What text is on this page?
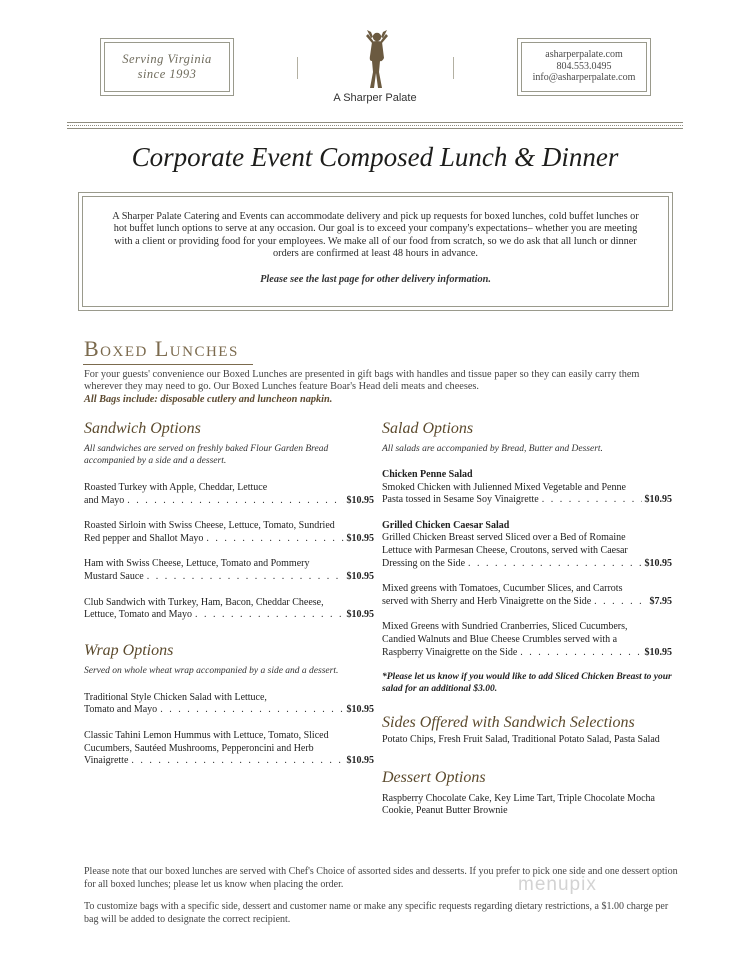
Serving Virginia
since 1993
A Sharper Palate
asharperpalate.com
804.553.0495
info@asharperpalate.com
Corporate Event Composed Lunch & Dinner
A Sharper Palate Catering and Events can accommodate delivery and pick up requests for boxed lunches, cold buffet lunches or hot buffet lunch options to serve at any occasion. Our goal is to exceed your company's expectations– whether you are meeting with a client or providing food for your employees. We make all of our food from scratch, so we do ask that all lunch or dinner orders are confirmed at least 48 hours in advance.
Please see the last page for other delivery information.
Boxed Lunches
For your guests' convenience our Boxed Lunches are presented in gift bags with handles and tissue paper so they can easily carry them wherever they may need to go. Our Boxed Lunches feature Boar's Head deli meats and cheeses.
All Bags include: disposable cutlery and luncheon napkin.
Sandwich Options
All sandwiches are served on freshly baked Flour Garden Bread accompanied by a side and a dessert.
Roasted Turkey with Apple, Cheddar, Lettuce
and Mayo . . .	$10.95
Roasted Sirloin with Swiss Cheese, Lettuce, Tomato, Sundried
Red pepper and Shallot Mayo . . .	$10.95
Ham with Swiss Cheese, Lettuce, Tomato and Pommery
Mustard Sauce . . .	$10.95
Club Sandwich with Turkey, Ham, Bacon, Cheddar Cheese,
Lettuce, Tomato and Mayo . . .	$10.95
Wrap Options
Served on whole wheat wrap accompanied by a side and a dessert.
Traditional Style Chicken Salad with Lettuce,
Tomato and Mayo . . .	$10.95
Classic Tahini Lemon Hummus with Lettuce, Tomato, Sliced
Cucumbers, Sautéed Mushrooms, Pepperoncini and Herb
Vinaigrette . . .	$10.95
Salad Options
All salads are accompanied by Bread, Butter and Dessert.
Chicken Penne Salad
Smoked Chicken with Julienned Mixed Vegetable and Penne
Pasta tossed in Sesame Soy Vinaigrette . . .	$10.95
Grilled Chicken Caesar Salad
Grilled Chicken Breast served Sliced over a Bed of Romaine
Lettuce with Parmesan Cheese, Croutons, served with Caesar
Dressing on the Side . . .	$10.95
Mixed greens with Tomatoes, Cucumber Slices, and Carrots
served with Sherry and Herb Vinaigrette on the Side . . .	$7.95
Mixed Greens with Sundried Cranberries, Sliced Cucumbers,
Candied Walnuts and Blue Cheese Crumbles served with a
Raspberry Vinaigrette on the Side . . .	$10.95
*Please let us know if you would like to add Sliced Chicken Breast to your salad for an additional $3.00.
Sides Offered with Sandwich Selections
Potato Chips, Fresh Fruit Salad, Traditional Potato Salad, Pasta Salad
Dessert Options
Raspberry Chocolate Cake, Key Lime Tart, Triple Chocolate Mocha Cookie, Peanut Butter Brownie

Please note that our boxed lunches are served with Chef's Choice of assorted sides and desserts. If you prefer to pick one side and one dessert option for all boxed lunches; please let us know when placing the order.

To customize bags with a specific side, dessert and customer name or make any specific requests regarding dietary restrictions, a $1.00 charge per bag will be added to designate the correct recipient.

menupix
